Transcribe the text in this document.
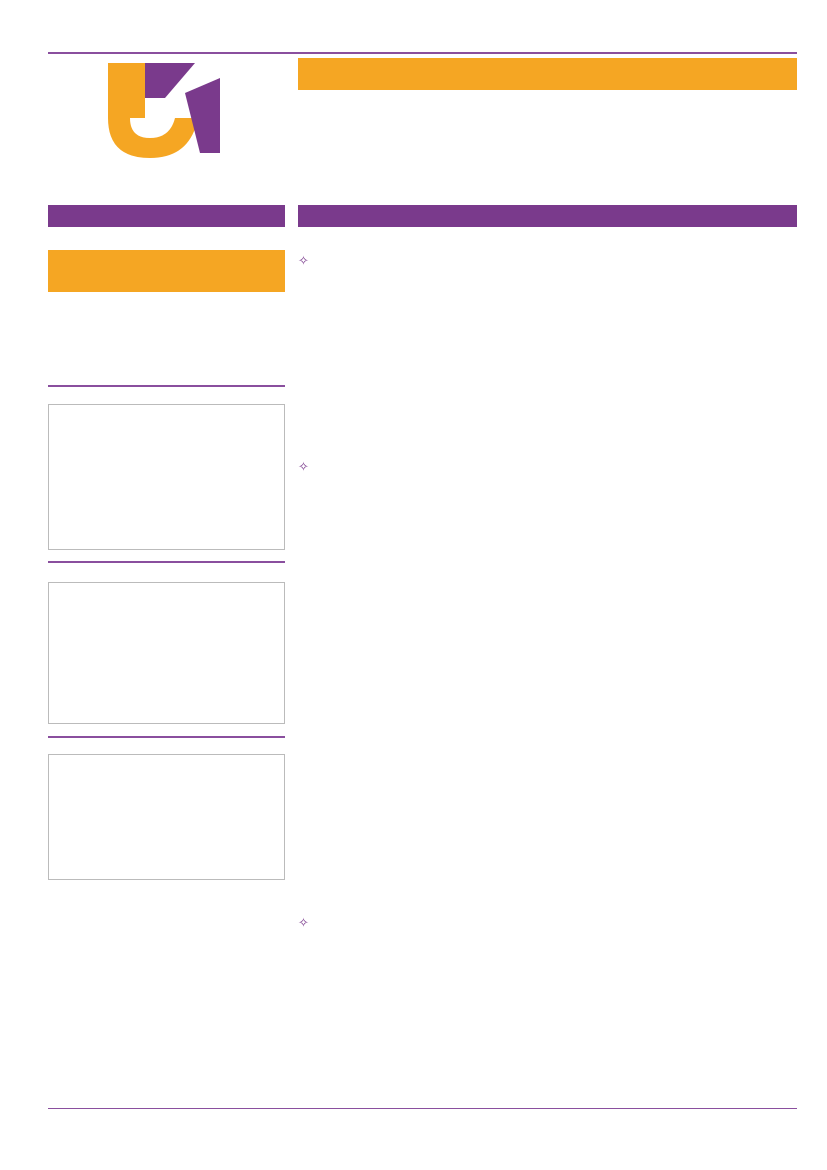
✧
✧
✧
